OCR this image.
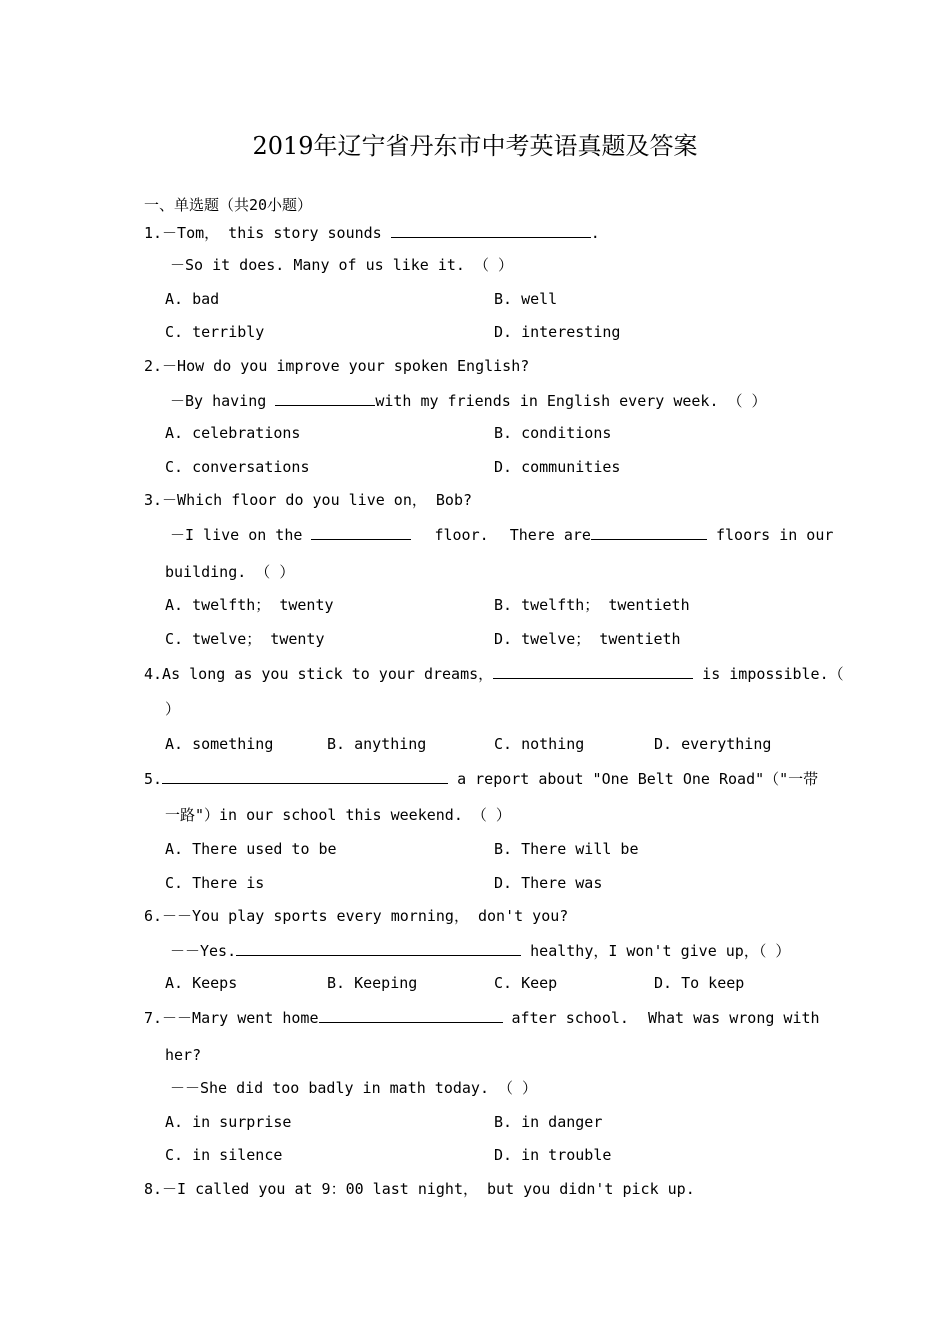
2019年辽宁省丹东市中考英语真题及答案
一、单选题（共20小题）
1.－Tom， this story sounds	.
－So it does. Many of us like it. （ ）
A. bad	B. well
C. terribly	D. interesting
2.－How do you improve your spoken English?
－By having	with my friends in English every week. （ ）
A. celebrations	B. conditions
C. conversations	D. communities
3.－Which floor do you live on， Bob?
－I live on the	floor. There are	floors in our
building. （ ）
A. twelfth； twenty	B. twelfth； twentieth
C. twelve； twenty	D. twelve； twentieth
4.As long as you stick to your dreams，	is impossible.（
）
A. something	B. anything	C. nothing	D. everything
5.	a report about "One Belt One Road"（"一带
一路"）in our school this weekend. （ ）
A. There used to be	B. There will be
C. There is	D. There was
6.－－You play sports every morning， don't you?
－－Yes.	healthy，I won't give up，（ ）
A. Keeps	B. Keeping	C. Keep	D. To keep
7.－－Mary went home	after school. What was wrong with
her?
－－She did too badly in math today. （ ）
A. in surprise	B. in danger
C. in silence	D. in trouble
8.－I called you at 9：00 last night， but you didn't pick up.
